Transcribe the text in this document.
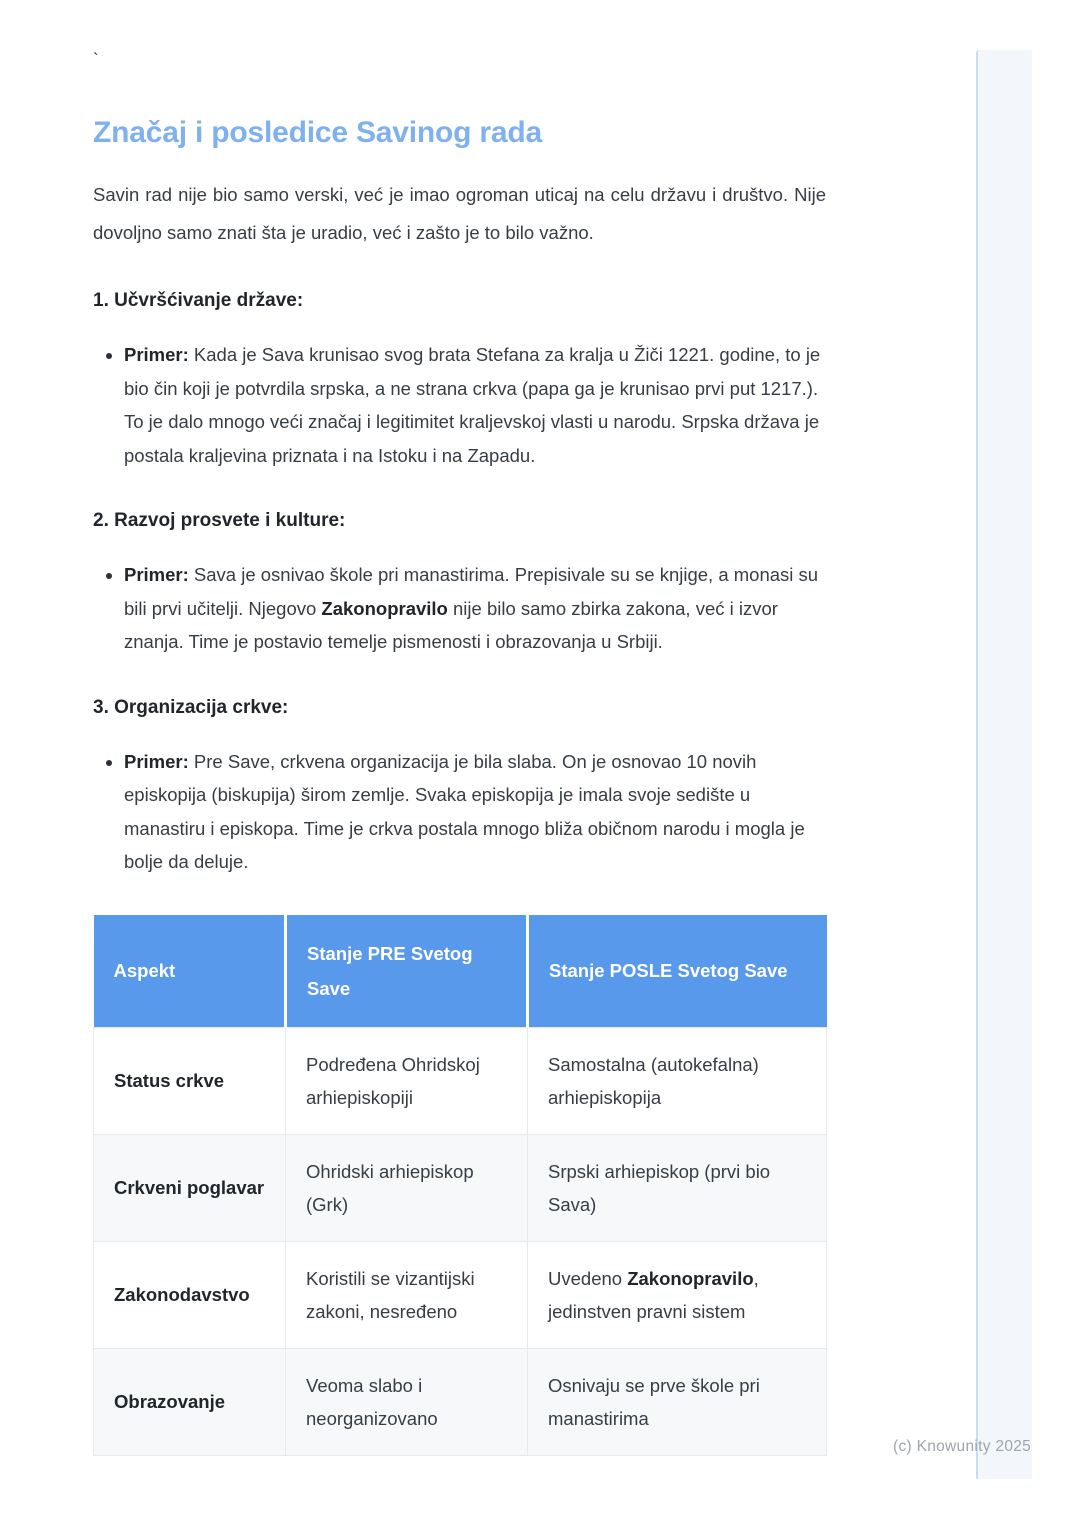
`
Značaj i posledice Savinog rada

Savin rad nije bio samo verski, već je imao ogroman uticaj na celu državu i društvo. Nije dovoljno samo znati šta je uradio, već i zašto je to bilo važno.

1. Učvršćivanje države:
• Primer: Kada je Sava krunisao svog brata Stefana za kralja u Žiči 1221. godine, to je bio čin koji je potvrdila srpska, a ne strana crkva (papa ga je krunisao prvi put 1217.). To je dalo mnogo veći značaj i legitimitet kraljevskoj vlasti u narodu. Srpska država je postala kraljevina priznata i na Istoku i na Zapadu.
2. Razvoj prosvete i kulture:
• Primer: Sava je osnivao škole pri manastirima. Prepisivale su se knjige, a monasi su bili prvi učitelji. Njegovo Zakonopravilo nije bilo samo zbirka zakona, već i izvor znanja. Time je postavio temelje pismenosti i obrazovanja u Srbiji.
3. Organizacija crkve:
• Primer: Pre Save, crkvena organizacija je bila slaba. On je osnovao 10 novih episkopija (biskupija) širom zemlje. Svaka episkopija je imala svoje sedište u manastiru i episkopa. Time je crkva postala mnogo bliža običnom narodu i mogla je bolje da deluje.
Aspekt	Stanje PRE Svetog Save	Stanje POSLE Svetog Save
Status crkve	Podređena Ohridskoj arhiepiskopiji	Samostalna (autokefalna) arhiepiskopija
Crkveni poglavar	Ohridski arhiepiskop (Grk)	Srpski arhiepiskop (prvi bio Sava)
Zakonodavstvo	Koristili se vizantijski zakoni, nesređeno	Uvedeno Zakonopravilo, jedinstven pravni sistem
Obrazovanje	Veoma slabo i neorganizovano	Osnivaju se prve škole pri manastirima
(c) Knowunity 2025
